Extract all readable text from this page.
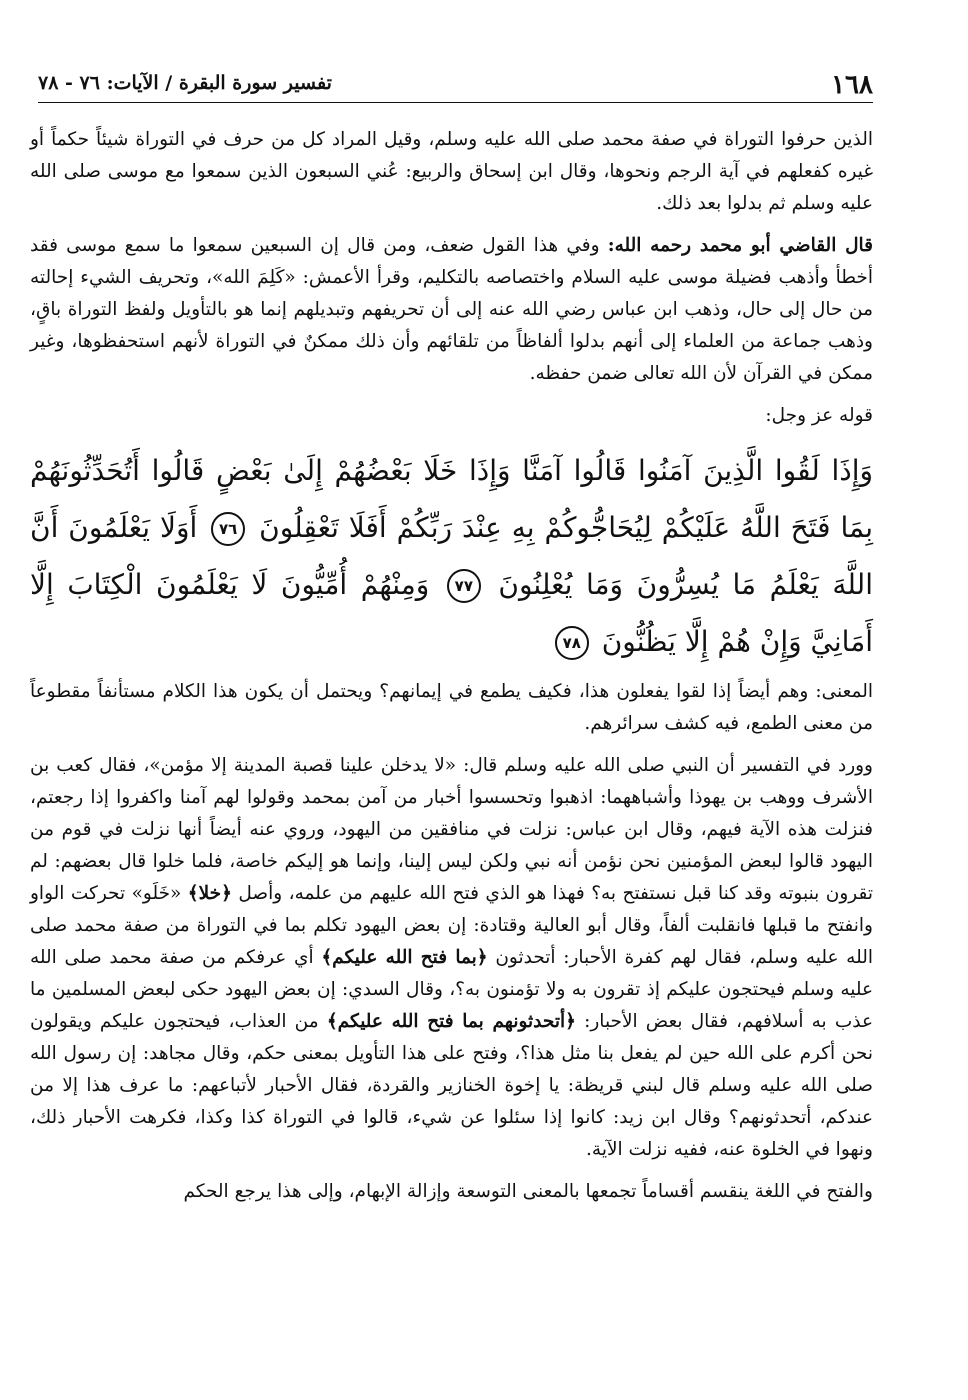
١٦٨
تفسير سورة البقرة / الآيات: ٧٦ - ٧٨

الذين حرفوا التوراة في صفة محمد صلى الله عليه وسلم، وقيل المراد كل من حرف في التوراة شيئاً حكماً أو غيره كفعلهم في آية الرجم ونحوها، وقال ابن إسحاق والربيع: عُني السبعون الذين سمعوا مع موسى صلى الله عليه وسلم ثم بدلوا بعد ذلك.

قال القاضي أبو محمد رحمه الله: وفي هذا القول ضعف، ومن قال إن السبعين سمعوا ما سمع موسى فقد أخطأ وأذهب فضيلة موسى عليه السلام واختصاصه بالتكليم، وقرأ الأعمش: «كَلِمَ الله»، وتحريف الشيء إحالته من حال إلى حال، وذهب ابن عباس رضي الله عنه إلى أن تحريفهم وتبديلهم إنما هو بالتأويل ولفظ التوراة باقٍ، وذهب جماعة من العلماء إلى أنهم بدلوا ألفاظاً من تلقائهم وأن ذلك ممكنٌ في التوراة لأنهم استحفظوها، وغير ممكن في القرآن لأن الله تعالى ضمن حفظه.

قوله عز وجل:

وَإِذَا لَقُوا الَّذِينَ آمَنُوا قَالُوا آمَنَّا وَإِذَا خَلَا بَعْضُهُمْ إِلَىٰ بَعْضٍ قَالُوا أَتُحَدِّثُونَهُمْ بِمَا فَتَحَ اللَّهُ عَلَيْكُمْ لِيُحَاجُّوكُمْ بِهِ عِنْدَ رَبِّكُمْ أَفَلَا تَعْقِلُونَ ٧٦ أَوَلَا يَعْلَمُونَ أَنَّ اللَّهَ يَعْلَمُ مَا يُسِرُّونَ وَمَا يُعْلِنُونَ ٧٧ وَمِنْهُمْ أُمِّيُّونَ لَا يَعْلَمُونَ الْكِتَابَ إِلَّا أَمَانِيَّ وَإِنْ هُمْ إِلَّا يَظُنُّونَ ٧٨

المعنى: وهم أيضاً إذا لقوا يفعلون هذا، فكيف يطمع في إيمانهم؟ ويحتمل أن يكون هذا الكلام مستأنفاً مقطوعاً من معنى الطمع، فيه كشف سرائرهم.

وورد في التفسير أن النبي صلى الله عليه وسلم قال: «لا يدخلن علينا قصبة المدينة إلا مؤمن»، فقال كعب بن الأشرف ووهب بن يهوذا وأشباههما: اذهبوا وتحسسوا أخبار من آمن بمحمد وقولوا لهم آمنا واكفروا إذا رجعتم، فنزلت هذه الآية فيهم، وقال ابن عباس: نزلت في منافقين من اليهود، وروي عنه أيضاً أنها نزلت في قوم من اليهود قالوا لبعض المؤمنين نحن نؤمن أنه نبي ولكن ليس إلينا، وإنما هو إليكم خاصة، فلما خلوا قال بعضهم: لم تقرون بنبوته وقد كنا قبل نستفتح به؟ فهذا هو الذي فتح الله عليهم من علمه، وأصل ﴿خلا﴾ «خَلَو» تحركت الواو وانفتح ما قبلها فانقلبت ألفاً، وقال أبو العالية وقتادة: إن بعض اليهود تكلم بما في التوراة من صفة محمد صلى الله عليه وسلم، فقال لهم كفرة الأحبار: أتحدثون ﴿بما فتح الله عليكم﴾ أي عرفكم من صفة محمد صلى الله عليه وسلم فيحتجون عليكم إذ تقرون به ولا تؤمنون به؟، وقال السدي: إن بعض اليهود حكى لبعض المسلمين ما عذب به أسلافهم، فقال بعض الأحبار: ﴿أتحدثونهم بما فتح الله عليكم﴾ من العذاب، فيحتجون عليكم ويقولون نحن أكرم على الله حين لم يفعل بنا مثل هذا؟، وفتح على هذا التأويل بمعنى حكم، وقال مجاهد: إن رسول الله صلى الله عليه وسلم قال لبني قريظة: يا إخوة الخنازير والقردة، فقال الأحبار لأتباعهم: ما عرف هذا إلا من عندكم، أتحدثونهم؟ وقال ابن زيد: كانوا إذا سئلوا عن شيء، قالوا في التوراة كذا وكذا، فكرهت الأحبار ذلك، ونهوا في الخلوة عنه، ففيه نزلت الآية.

والفتح في اللغة ينقسم أقساماً تجمعها بالمعنى التوسعة وإزالة الإبهام، وإلى هذا يرجع الحكم
